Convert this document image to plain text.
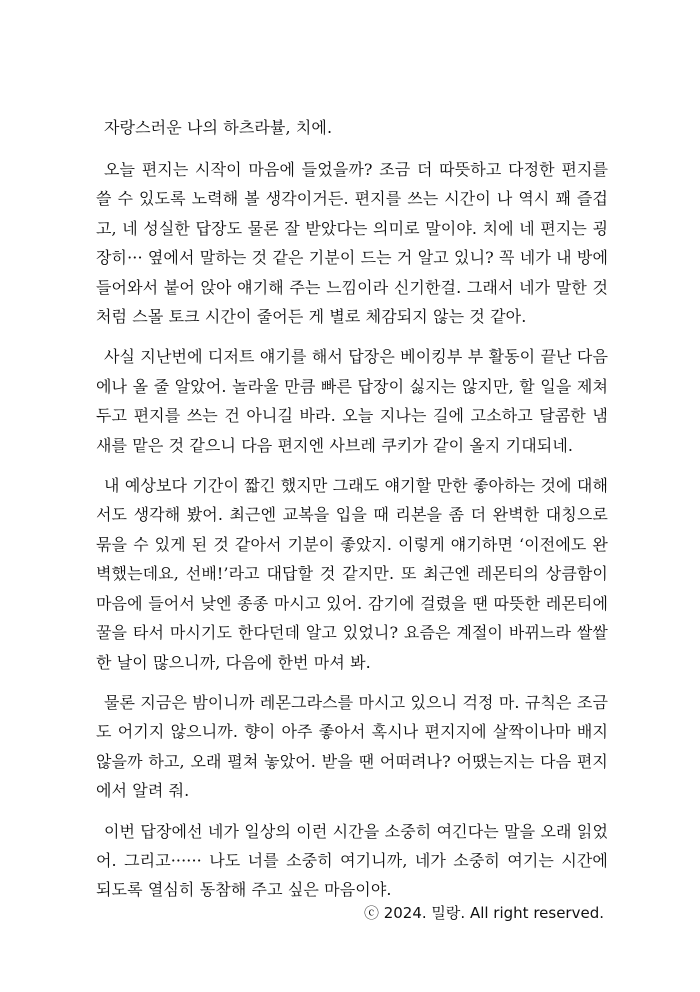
자랑스러운 나의 하츠라뷸, 치에.

오늘 편지는 시작이 마음에 들었을까? 조금 더 따뜻하고 다정한 편지를 쓸 수 있도록 노력해 볼 생각이거든. 편지를 쓰는 시간이 나 역시 꽤 즐겁고, 네 성실한 답장도 물론 잘 받았다는 의미로 말이야. 치에 네 편지는 굉장히··· 옆에서 말하는 것 같은 기분이 드는 거 알고 있니? 꼭 네가 내 방에 들어와서 붙어 앉아 얘기해 주는 느낌이라 신기한걸. 그래서 네가 말한 것처럼 스몰 토크 시간이 줄어든 게 별로 체감되지 않는 것 같아.

사실 지난번에 디저트 얘기를 해서 답장은 베이킹부 부 활동이 끝난 다음에나 올 줄 알았어. 놀라울 만큼 빠른 답장이 싫지는 않지만, 할 일을 제쳐두고 편지를 쓰는 건 아니길 바라. 오늘 지나는 길에 고소하고 달콤한 냄새를 맡은 것 같으니 다음 편지엔 사브레 쿠키가 같이 올지 기대되네.

내 예상보다 기간이 짧긴 했지만 그래도 얘기할 만한 좋아하는 것에 대해서도 생각해 봤어. 최근엔 교복을 입을 때 리본을 좀 더 완벽한 대칭으로 묶을 수 있게 된 것 같아서 기분이 좋았지. 이렇게 얘기하면 ‘이전에도 완벽했는데요, 선배!’라고 대답할 것 같지만. 또 최근엔 레몬티의 상큼함이 마음에 들어서 낮엔 종종 마시고 있어. 감기에 걸렸을 땐 따뜻한 레몬티에 꿀을 타서 마시기도 한다던데 알고 있었니? 요즘은 계절이 바뀌느라 쌀쌀한 날이 많으니까, 다음에 한번 마셔 봐.

물론 지금은 밤이니까 레몬그라스를 마시고 있으니 걱정 마. 규칙은 조금도 어기지 않으니까. 향이 아주 좋아서 혹시나 편지지에 살짝이나마 배지 않을까 하고, 오래 펼쳐 놓았어. 받을 땐 어떠려나? 어땠는지는 다음 편지에서 알려 줘.

이번 답장에선 네가 일상의 이런 시간을 소중히 여긴다는 말을 오래 읽었어. 그리고······ 나도 너를 소중히 여기니까, 네가 소중히 여기는 시간에 되도록 열심히 동참해 주고 싶은 마음이야.

ⓒ 2024. 밀랑. All right reserved.
